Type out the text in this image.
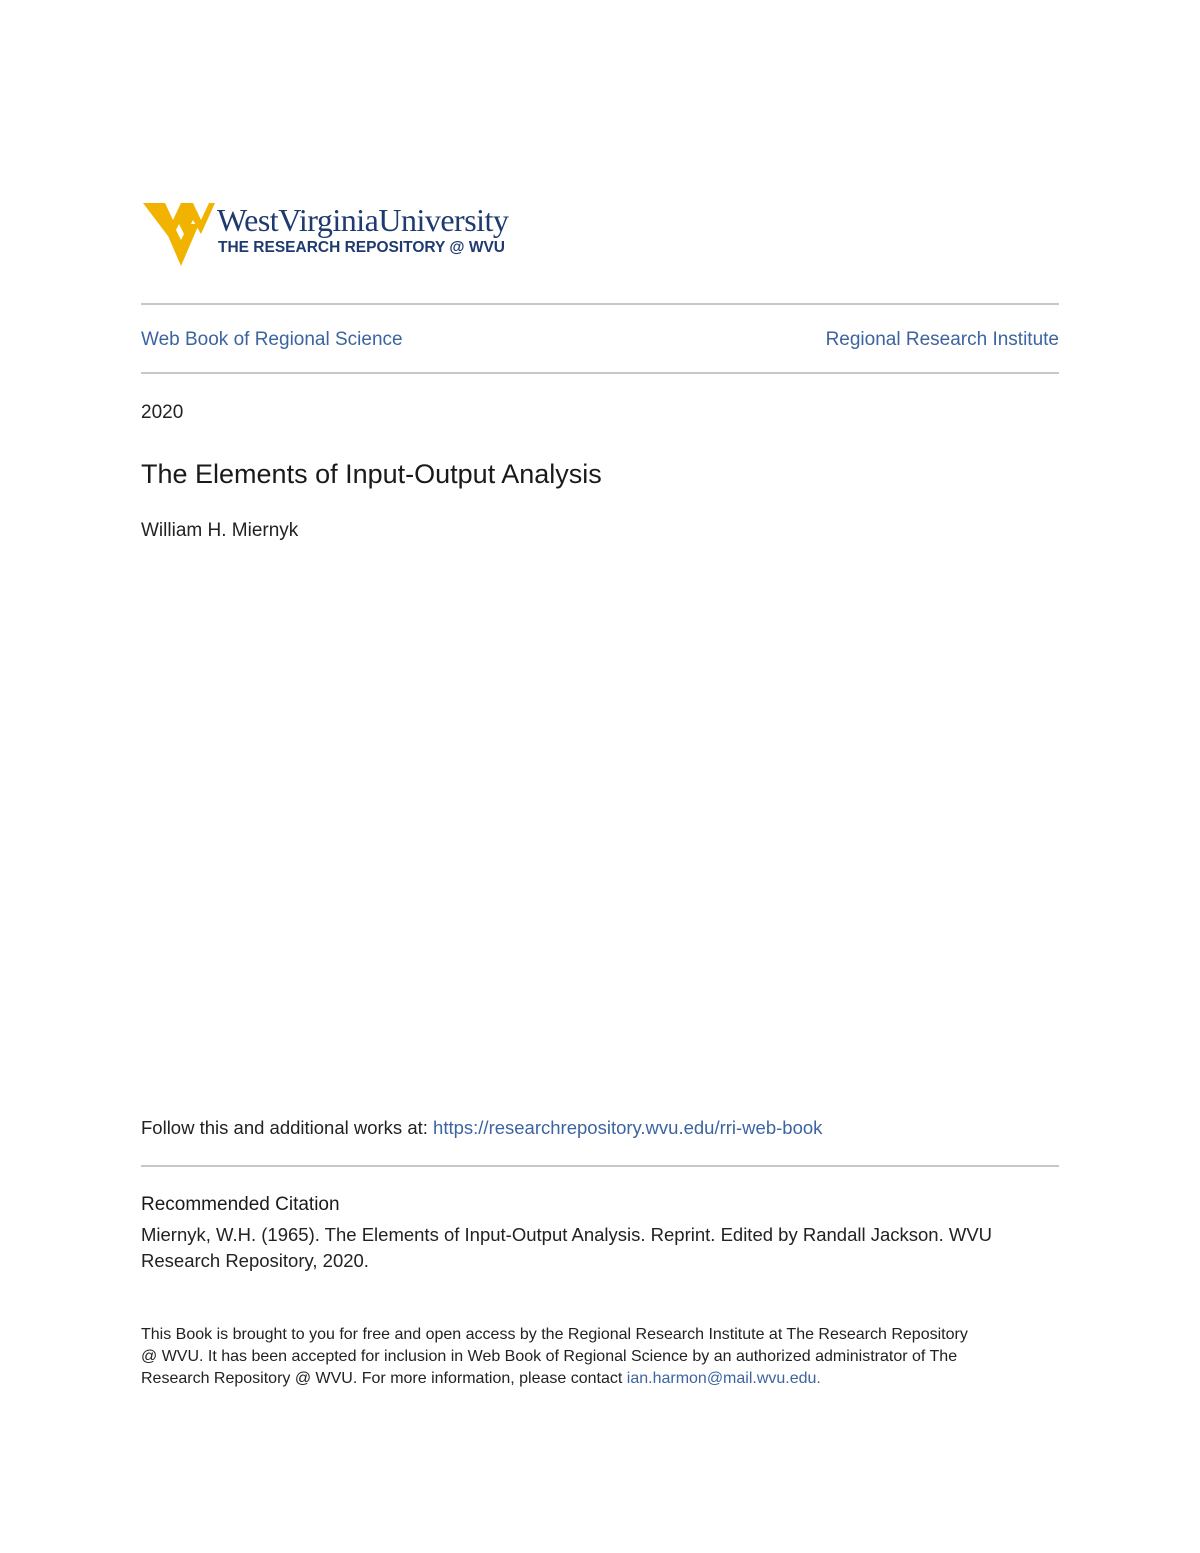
WestVirginiaUniversity
THE RESEARCH REPOSITORY @ WVU
Web Book of Regional Science	Regional Research Institute
2020
The Elements of Input-Output Analysis
William H. Miernyk
Follow this and additional works at: https://researchrepository.wvu.edu/rri-web-book
Recommended Citation
Miernyk, W.H. (1965). The Elements of Input-Output Analysis. Reprint. Edited by Randall Jackson. WVU Research Repository, 2020.
This Book is brought to you for free and open access by the Regional Research Institute at The Research Repository @ WVU. It has been accepted for inclusion in Web Book of Regional Science by an authorized administrator of The Research Repository @ WVU. For more information, please contact ian.harmon@mail.wvu.edu.
